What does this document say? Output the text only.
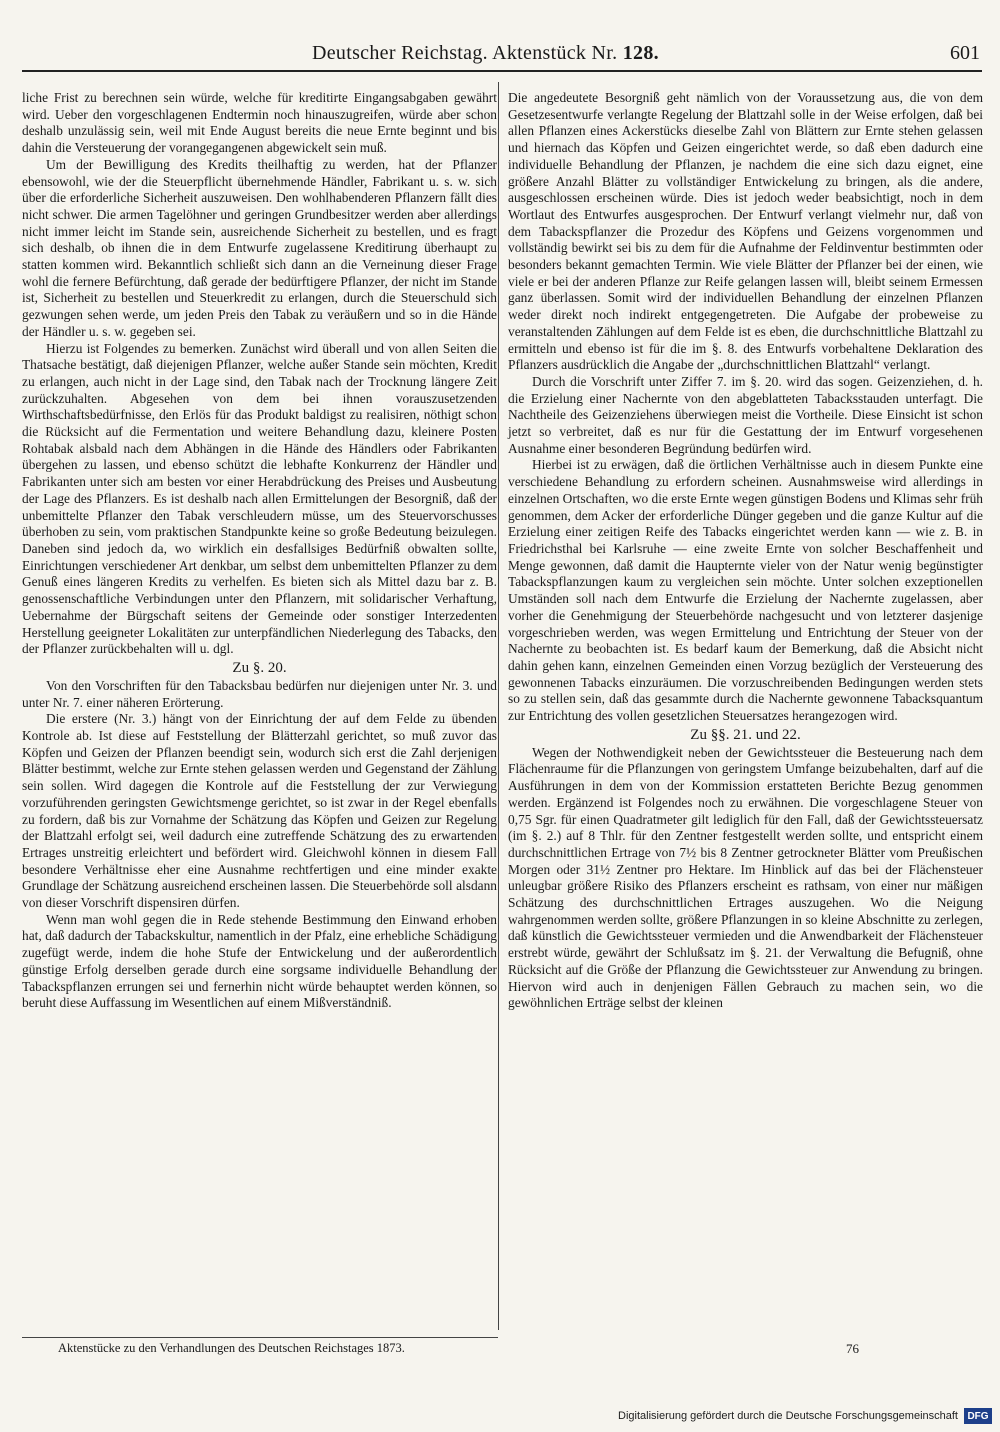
Deutscher Reichstag. Aktenstück Nr. 128.	601

liche Frist zu berechnen sein würde, welche für kreditirte Eingangsabgaben gewährt wird. Ueber den vorgeschlagenen Endtermin noch hinauszugreifen, würde aber schon deshalb unzulässig sein, weil mit Ende August bereits die neue Ernte beginnt und bis dahin die Versteuerung der vorangegangenen abgewickelt sein muß.

Um der Bewilligung des Kredits theilhaftig zu werden, hat der Pflanzer ebensowohl, wie der die Steuerpflicht übernehmende Händler, Fabrikant u. s. w. sich über die erforderliche Sicherheit auszuweisen. Den wohlhabenderen Pflanzern fällt dies nicht schwer. Die armen Tagelöhner und geringen Grundbesitzer werden aber allerdings nicht immer leicht im Stande sein, ausreichende Sicherheit zu bestellen, und es fragt sich deshalb, ob ihnen die in dem Entwurfe zugelassene Kreditirung überhaupt zu statten kommen wird. Bekanntlich schließt sich dann an die Verneinung dieser Frage wohl die fernere Befürchtung, daß gerade der bedürftigere Pflanzer, der nicht im Stande ist, Sicherheit zu bestellen und Steuerkredit zu erlangen, durch die Steuerschuld sich gezwungen sehen werde, um jeden Preis den Tabak zu veräußern und so in die Hände der Händler u. s. w. gegeben sei.

Hierzu ist Folgendes zu bemerken. Zunächst wird überall und von allen Seiten die Thatsache bestätigt, daß diejenigen Pflanzer, welche außer Stande sein möchten, Kredit zu erlangen, auch nicht in der Lage sind, den Tabak nach der Trocknung längere Zeit zurückzuhalten. Abgesehen von dem bei ihnen vorauszusetzenden Wirthschaftsbedürfnisse, den Erlös für das Produkt baldigst zu realisiren, nöthigt schon die Rücksicht auf die Fermentation und weitere Behandlung dazu, kleinere Posten Rohtabak alsbald nach dem Abhängen in die Hände des Händlers oder Fabrikanten übergehen zu lassen, und ebenso schützt die lebhafte Konkurrenz der Händler und Fabrikanten unter sich am besten vor einer Herabdrückung des Preises und Ausbeutung der Lage des Pflanzers. Es ist deshalb nach allen Ermittelungen der Besorgniß, daß der unbemittelte Pflanzer den Tabak verschleudern müsse, um des Steuervorschusses überhoben zu sein, vom praktischen Standpunkte keine so große Bedeutung beizulegen. Daneben sind jedoch da, wo wirklich ein desfallsiges Bedürfniß obwalten sollte, Einrichtungen verschiedener Art denkbar, um selbst dem unbemittelten Pflanzer zu dem Genuß eines längeren Kredits zu verhelfen. Es bieten sich als Mittel dazu bar z. B. genossenschaftliche Verbindungen unter den Pflanzern, mit solidarischer Verhaftung, Uebernahme der Bürgschaft seitens der Gemeinde oder sonstiger Interzedenten Herstellung geeigneter Lokalitäten zur unterpfändlichen Niederlegung des Tabacks, den der Pflanzer zurückbehalten will u. dgl.

Zu §. 20.

Von den Vorschriften für den Tabacksbau bedürfen nur diejenigen unter Nr. 3. und unter Nr. 7. einer näheren Erörterung.

Die erstere (Nr. 3.) hängt von der Einrichtung der auf dem Felde zu übenden Kontrole ab. Ist diese auf Feststellung der Blätterzahl gerichtet, so muß zuvor das Köpfen und Geizen der Pflanzen beendigt sein, wodurch sich erst die Zahl derjenigen Blätter bestimmt, welche zur Ernte stehen gelassen werden und Gegenstand der Zählung sein sollen. Wird dagegen die Kontrole auf die Feststellung der zur Verwiegung vorzuführenden geringsten Gewichtsmenge gerichtet, so ist zwar in der Regel ebenfalls zu fordern, daß bis zur Vornahme der Schätzung das Köpfen und Geizen zur Regelung der Blattzahl erfolgt sei, weil dadurch eine zutreffende Schätzung des zu erwartenden Ertrages unstreitig erleichtert und befördert wird. Gleichwohl können in diesem Fall besondere Verhältnisse eher eine Ausnahme rechtfertigen und eine minder exakte Grundlage der Schätzung ausreichend erscheinen lassen. Die Steuerbehörde soll alsdann von dieser Vorschrift dispensiren dürfen.

Wenn man wohl gegen die in Rede stehende Bestimmung den Einwand erhoben hat, daß dadurch der Tabackskultur, namentlich in der Pfalz, eine erhebliche Schädigung zugefügt werde, indem die hohe Stufe der Entwickelung und der außerordentlich günstige Erfolg derselben gerade durch eine sorgsame individuelle Behandlung der Tabackspflanzen errungen sei und fernerhin nicht würde behauptet werden können, so beruht diese Auffassung im Wesentlichen auf einem Mißverständniß.

Die angedeutete Besorgniß geht nämlich von der Voraussetzung aus, die von dem Gesetzesentwurfe verlangte Regelung der Blattzahl solle in der Weise erfolgen, daß bei allen Pflanzen eines Ackerstücks dieselbe Zahl von Blättern zur Ernte stehen gelassen und hiernach das Köpfen und Geizen eingerichtet werde, so daß eben dadurch eine individuelle Behandlung der Pflanzen, je nachdem die eine sich dazu eignet, eine größere Anzahl Blätter zu vollständiger Entwickelung zu bringen, als die andere, ausgeschlossen erscheinen würde. Dies ist jedoch weder beabsichtigt, noch in dem Wortlaut des Entwurfes ausgesprochen. Der Entwurf verlangt vielmehr nur, daß von dem Tabackspflanzer die Prozedur des Köpfens und Geizens vorgenommen und vollständig bewirkt sei bis zu dem für die Aufnahme der Feldinventur bestimmten oder besonders bekannt gemachten Termin. Wie viele Blätter der Pflanzer bei der einen, wie viele er bei der anderen Pflanze zur Reife gelangen lassen will, bleibt seinem Ermessen ganz überlassen. Somit wird der individuellen Behandlung der einzelnen Pflanzen weder direkt noch indirekt entgegengetreten. Die Aufgabe der probeweise zu veranstaltenden Zählungen auf dem Felde ist es eben, die durchschnittliche Blattzahl zu ermitteln und ebenso ist für die im §. 8. des Entwurfs vorbehaltene Deklaration des Pflanzers ausdrücklich die Angabe der „durchschnittlichen Blattzahl“ verlangt.

Durch die Vorschrift unter Ziffer 7. im §. 20. wird das sogen. Geizenziehen, d. h. die Erzielung einer Nachernte von den abgeblatteten Tabacksstauden unterfagt. Die Nachtheile des Geizenziehens überwiegen meist die Vortheile. Diese Einsicht ist schon jetzt so verbreitet, daß es nur für die Gestattung der im Entwurf vorgesehenen Ausnahme einer besonderen Begründung bedürfen wird.

Hierbei ist zu erwägen, daß die örtlichen Verhältnisse auch in diesem Punkte eine verschiedene Behandlung zu erfordern scheinen. Ausnahmsweise wird allerdings in einzelnen Ortschaften, wo die erste Ernte wegen günstigen Bodens und Klimas sehr früh genommen, dem Acker der erforderliche Dünger gegeben und die ganze Kultur auf die Erzielung einer zeitigen Reife des Tabacks eingerichtet werden kann — wie z. B. in Friedrichsthal bei Karlsruhe — eine zweite Ernte von solcher Beschaffenheit und Menge gewonnen, daß damit die Haupternte vieler von der Natur wenig begünstigter Tabackspflanzungen kaum zu vergleichen sein möchte. Unter solchen exzeptionellen Umständen soll nach dem Entwurfe die Erzielung der Nachernte zugelassen, aber vorher die Genehmigung der Steuerbehörde nachgesucht und von letzterer dasjenige vorgeschrieben werden, was wegen Ermittelung und Entrichtung der Steuer von der Nachernte zu beobachten ist. Es bedarf kaum der Bemerkung, daß die Absicht nicht dahin gehen kann, einzelnen Gemeinden einen Vorzug bezüglich der Versteuerung des gewonnenen Tabacks einzuräumen. Die vorzuschreibenden Bedingungen werden stets so zu stellen sein, daß das gesammte durch die Nachernte gewonnene Tabacksquantum zur Entrichtung des vollen gesetzlichen Steuersatzes herangezogen wird.

Zu §§. 21. und 22.

Wegen der Nothwendigkeit neben der Gewichtssteuer die Besteuerung nach dem Flächenraume für die Pflanzungen von geringstem Umfange beizubehalten, darf auf die Ausführungen in dem von der Kommission erstatteten Berichte Bezug genommen werden. Ergänzend ist Folgendes noch zu erwähnen. Die vorgeschlagene Steuer von 0,75 Sgr. für einen Quadratmeter gilt lediglich für den Fall, daß der Gewichtssteuersatz (im §. 2.) auf 8 Thlr. für den Zentner festgestellt werden sollte, und entspricht einem durchschnittlichen Ertrage von 7½ bis 8 Zentner getrockneter Blätter vom Preußischen Morgen oder 31½ Zentner pro Hektare. Im Hinblick auf das bei der Flächensteuer unleugbar größere Risiko des Pflanzers erscheint es rathsam, von einer nur mäßigen Schätzung des durchschnittlichen Ertrages auszugehen. Wo die Neigung wahrgenommen werden sollte, größere Pflanzungen in so kleine Abschnitte zu zerlegen, daß künstlich die Gewichtssteuer vermieden und die Anwendbarkeit der Flächensteuer erstrebt würde, gewährt der Schlußsatz im §. 21. der Verwaltung die Befugniß, ohne Rücksicht auf die Größe der Pflanzung die Gewichtssteuer zur Anwendung zu bringen. Hiervon wird auch in denjenigen Fällen Gebrauch zu machen sein, wo die gewöhnlichen Erträge selbst der kleinen

Aktenstücke zu den Verhandlungen des Deutschen Reichstages 1873.	76
Digitalisierung gefördert durch die Deutsche Forschungsgemeinschaft DFG
